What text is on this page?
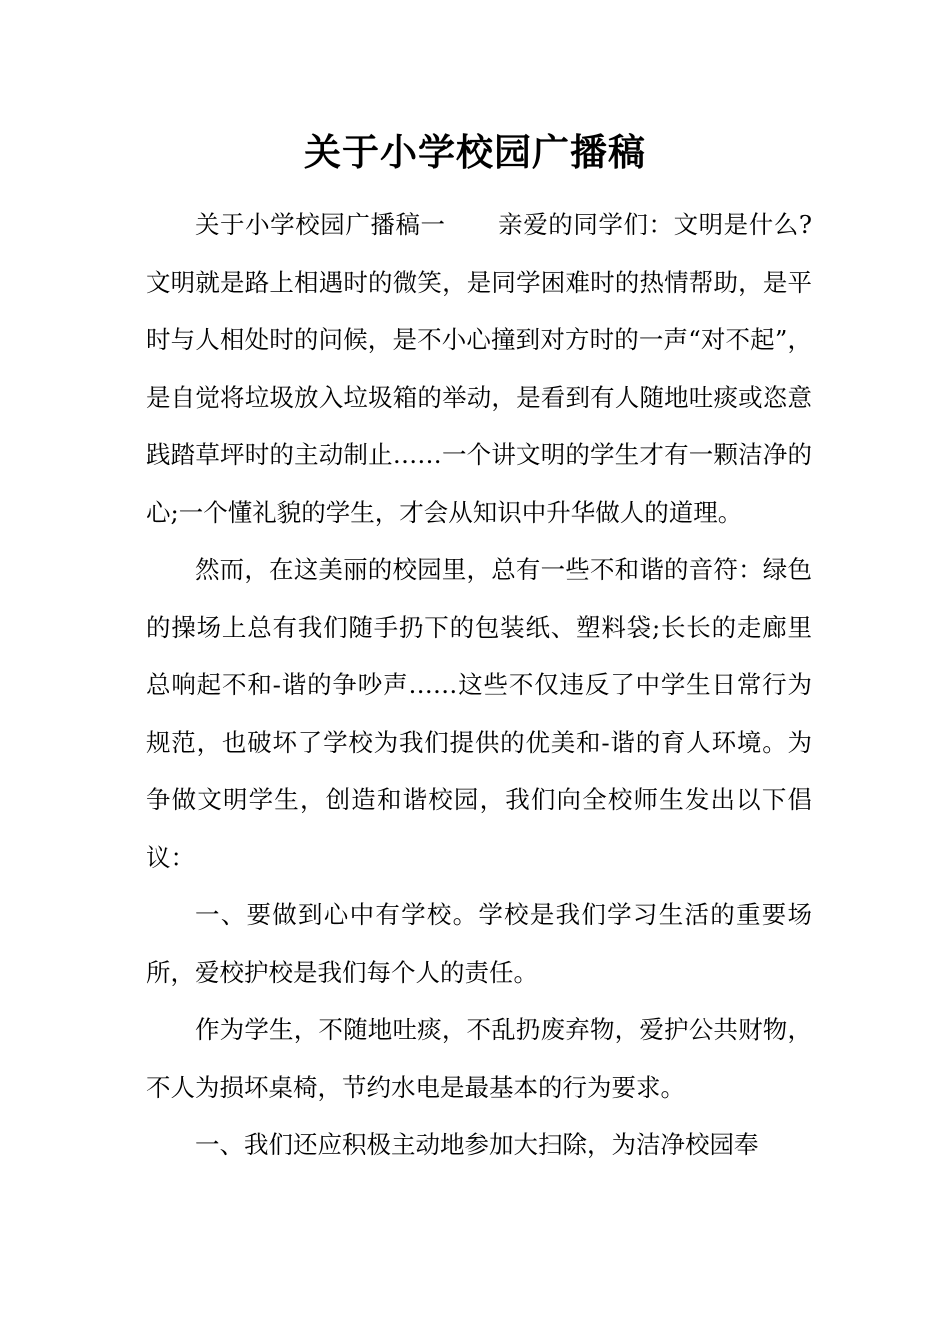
关于小学校园广播稿

关于小学校园广播稿一 亲爱的同学们：文明是什么?文明就是路上相遇时的微笑，是同学困难时的热情帮助，是平时与人相处时的问候，是不小心撞到对方时的一声“对不起”，是自觉将垃圾放入垃圾箱的举动，是看到有人随地吐痰或恣意践踏草坪时的主动制止……一个讲文明的学生才有一颗洁净的心;一个懂礼貌的学生，才会从知识中升华做人的道理。

然而，在这美丽的校园里，总有一些不和谐的音符：绿色的操场上总有我们随手扔下的包装纸、塑料袋;长长的走廊里总响起不和-谐的争吵声……这些不仅违反了中学生日常行为规范，也破坏了学校为我们提供的优美和-谐的育人环境。为争做文明学生，创造和谐校园，我们向全校师生发出以下倡议：

一、要做到心中有学校。学校是我们学习生活的重要场所，爱校护校是我们每个人的责任。

作为学生，不随地吐痰，不乱扔废弃物，爱护公共财物，不人为损坏桌椅，节约水电是最基本的行为要求。

一、我们还应积极主动地参加大扫除，为洁净校园奉
